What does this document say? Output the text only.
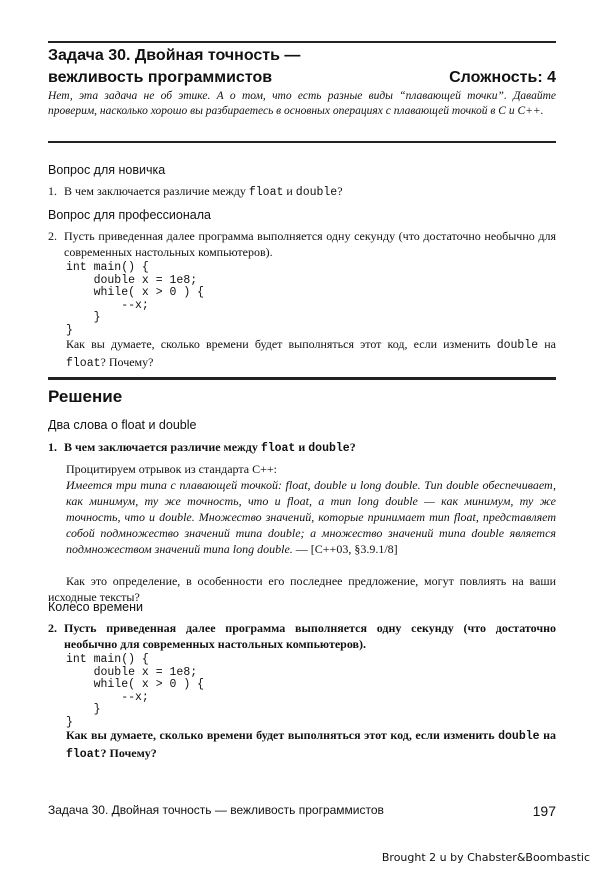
Задача 30. Двойная точность —
вежливость программистов	Сложность: 4
Нет, эта задача не об этике. А о том, что есть разные виды “плавающей точки”. Давайте проверим, насколько хорошо вы разбираетесь в основных операциях с плавающей точкой в C и C++.
Вопрос для новичка
1. В чем заключается различие между float и double?
Вопрос для профессионала
2. Пусть приведенная далее программа выполняется одну секунду (что достаточно необычно для современных настольных компьютеров).
int main() {
double x = 1e8;
while( x > 0 ) {
--x;
}
}
Как вы думаете, сколько времени будет выполняться этот код, если изменить double на float? Почему?
Решение
Два слова о float и double
1. В чем заключается различие между float и double?
Процитируем отрывок из стандарта C++:
Имеется три типа с плавающей точкой: float, double и long double. Тип double обеспечивает, как минимум, ту же точность, что и float, а тип long double — как минимум, ту же точность, что и double. Множество значений, которые принимает тип float, представляет собой подмножество значений типа double; а множество значений типа double является подмножеством значений типа long double. — [C++03, §3.9.1/8]
Как это определение, в особенности его последнее предложение, могут повлиять на ваши исходные тексты?
Колесо времени
2. Пусть приведенная далее программа выполняется одну секунду (что достаточно необычно для современных настольных компьютеров).
int main() {
double x = 1e8;
while( x > 0 ) {
--x;
}
}
Как вы думаете, сколько времени будет выполняться этот код, если изменить double на float? Почему?
Задача 30. Двойная точность — вежливость программистов	197
Brought 2 u by Chabster&Boombastic
